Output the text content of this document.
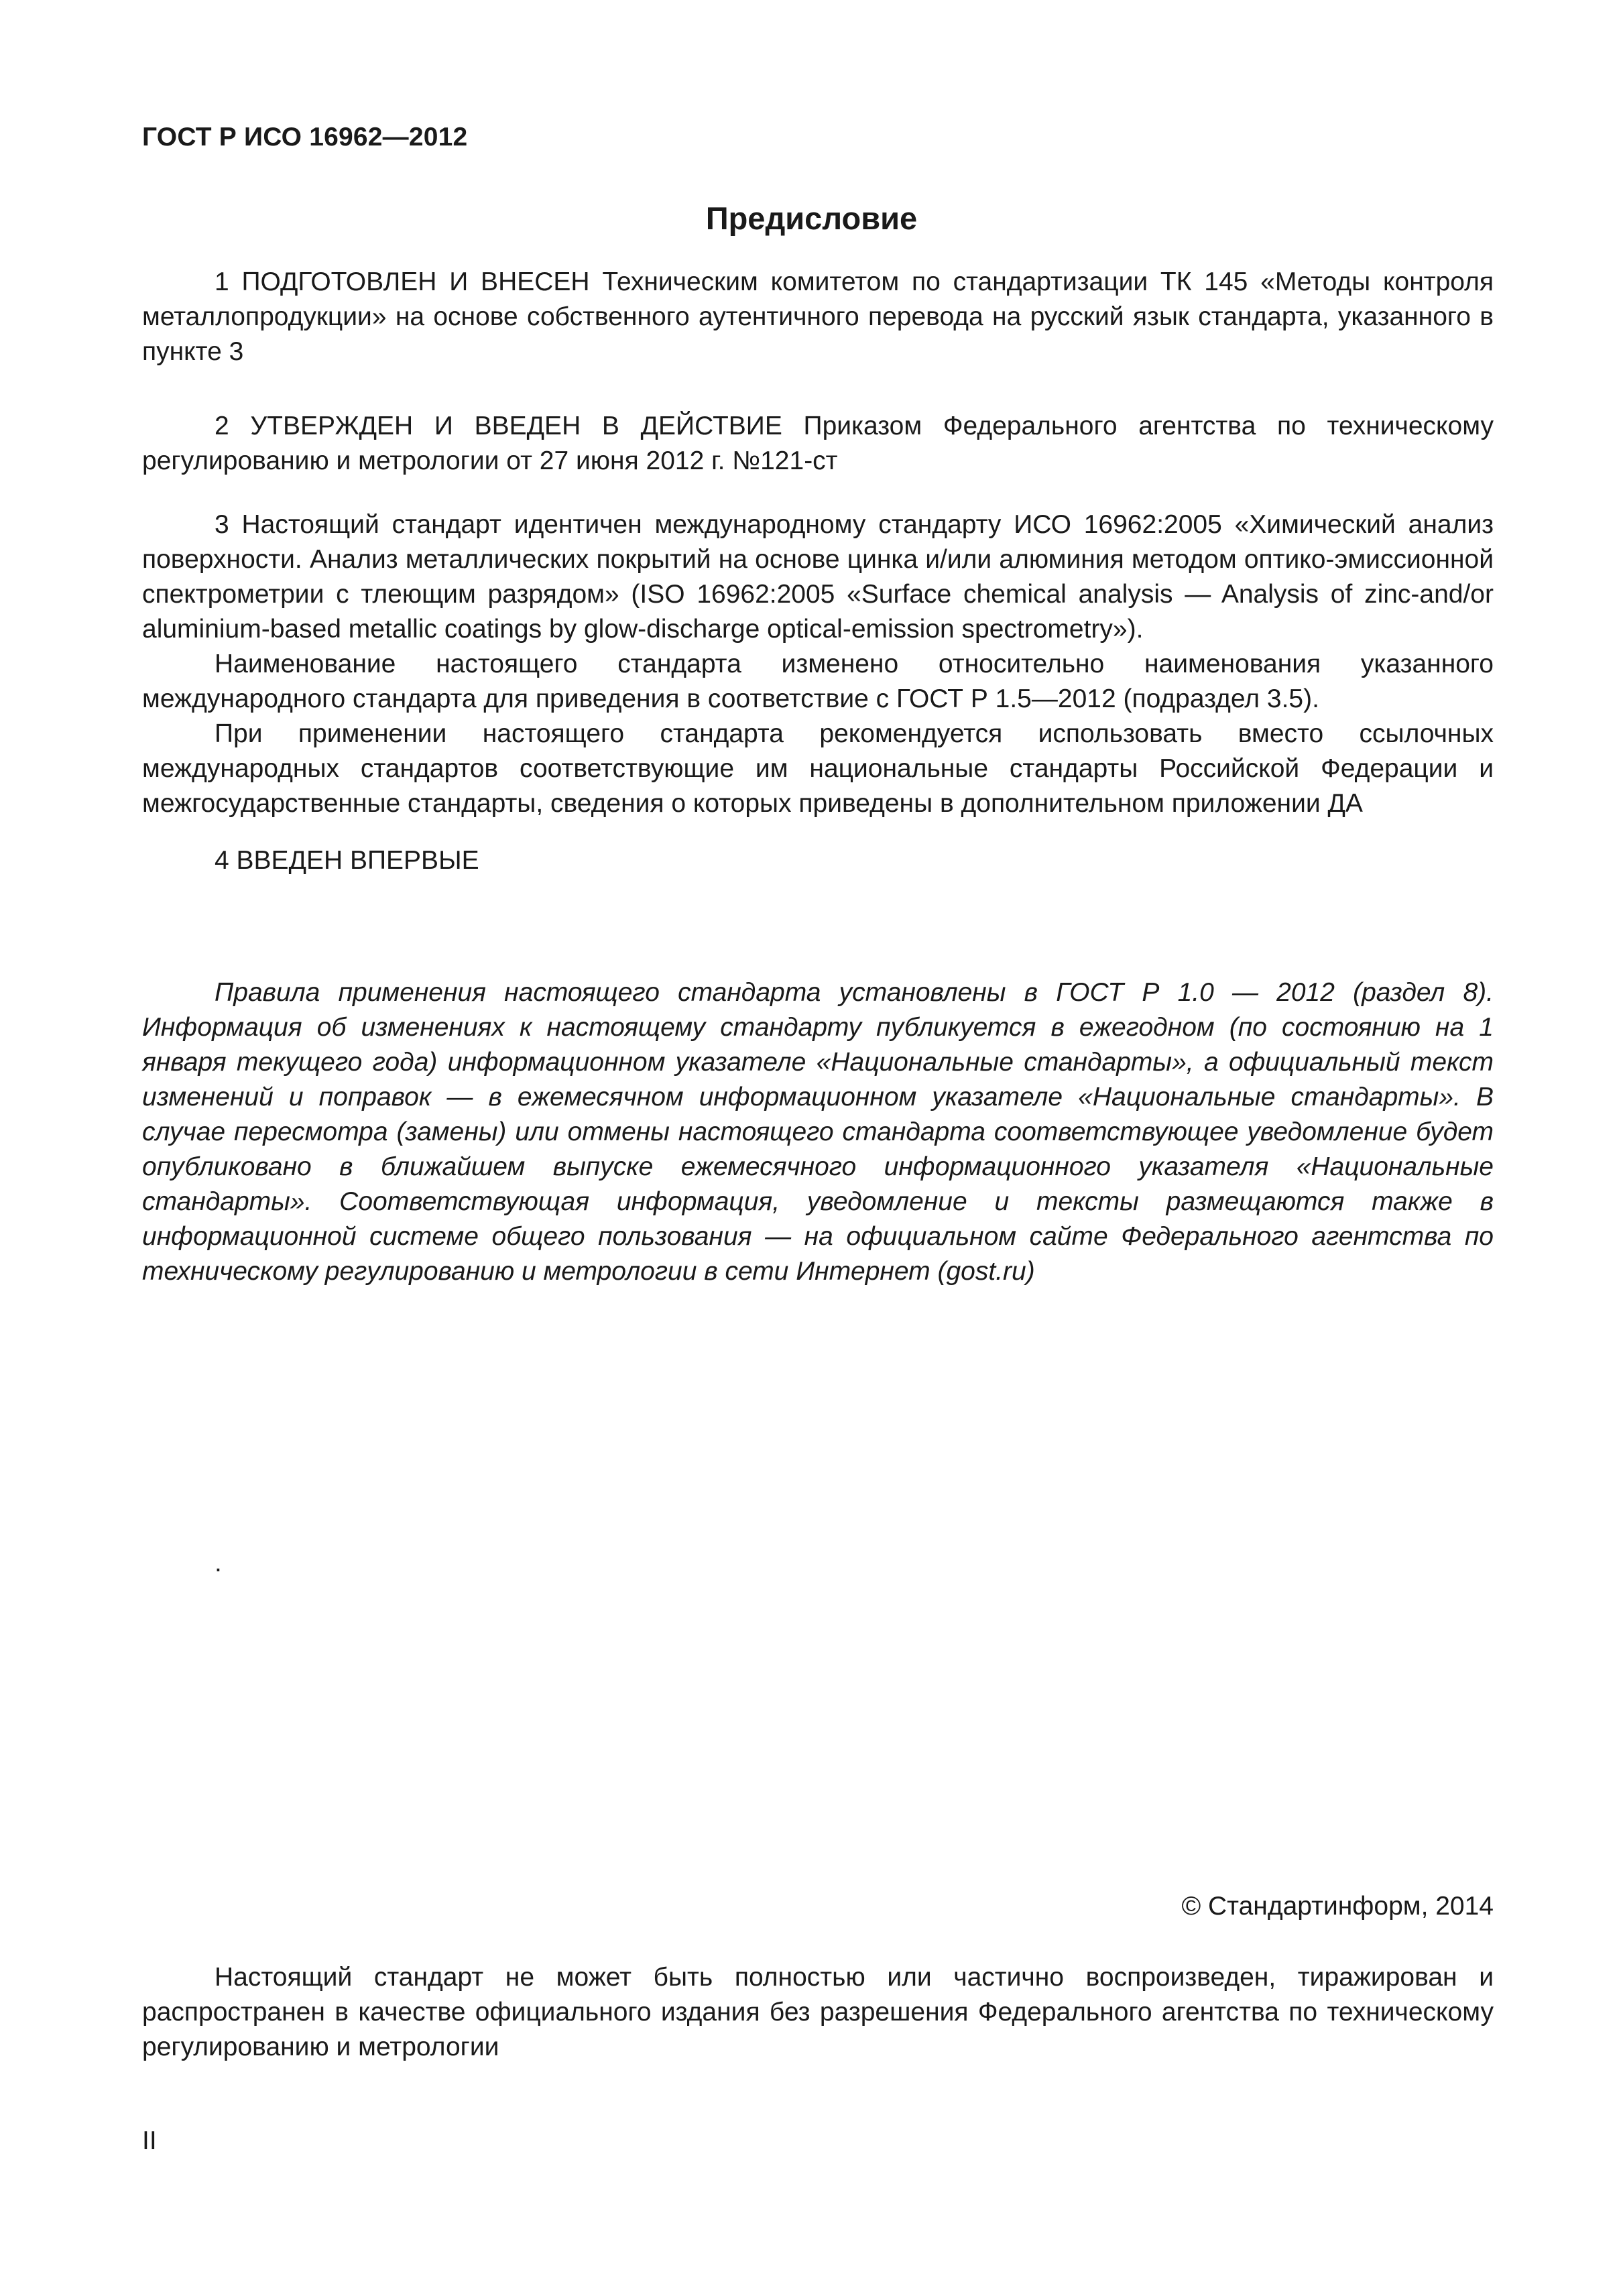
ГОСТ Р ИСО 16962—2012
Предисловие

1 ПОДГОТОВЛЕН И ВНЕСЕН Техническим комитетом по стандартизации ТК 145 «Методы контроля металлопродукции» на основе собственного аутентичного перевода на русский язык стандарта, указанного в пункте 3

2 УТВЕРЖДЕН И ВВЕДЕН В ДЕЙСТВИЕ Приказом Федерального агентства по техническому регулированию и метрологии от 27 июня 2012 г. №121-ст

3 Настоящий стандарт идентичен международному стандарту ИСО 16962:2005 «Химический анализ поверхности. Анализ металлических покрытий на основе цинка и/или алюминия методом оптико-эмиссионной спектрометрии с тлеющим разрядом» (ISO 16962:2005 «Surface chemical analysis — Analysis of zinc-and/or aluminium-based metallic coatings by glow-discharge optical-emission spectrometry»).

Наименование настоящего стандарта изменено относительно наименования указанного международного стандарта для приведения в соответствие с ГОСТ Р 1.5—2012 (подраздел 3.5).

При применении настоящего стандарта рекомендуется использовать вместо ссылочных международных стандартов соответствующие им национальные стандарты Российской Федерации и межгосударственные стандарты, сведения о которых приведены в дополнительном приложении ДА

4 ВВЕДЕН ВПЕРВЫЕ

Правила применения настоящего стандарта установлены в ГОСТ Р 1.0 — 2012 (раздел 8). Информация об изменениях к настоящему стандарту публикуется в ежегодном (по состоянию на 1 января текущего года) информационном указателе «Национальные стандарты», а официальный текст изменений и поправок — в ежемесячном информационном указателе «Национальные стандарты». В случае пересмотра (замены) или отмены настоящего стандарта соответствующее уведомление будет опубликовано в ближайшем выпуске ежемесячного информационного указателя «Национальные стандарты». Соответствующая информация, уведомление и тексты размещаются также в информационной системе общего пользования — на официальном сайте Федерального агентства по техническому регулированию и метрологии в сети Интернет (gost.ru)

.
© Стандартинформ, 2014

Настоящий стандарт не может быть полностью или частично воспроизведен, тиражирован и распространен в качестве официального издания без разрешения Федерального агентства по техническому регулированию и метрологии

II
